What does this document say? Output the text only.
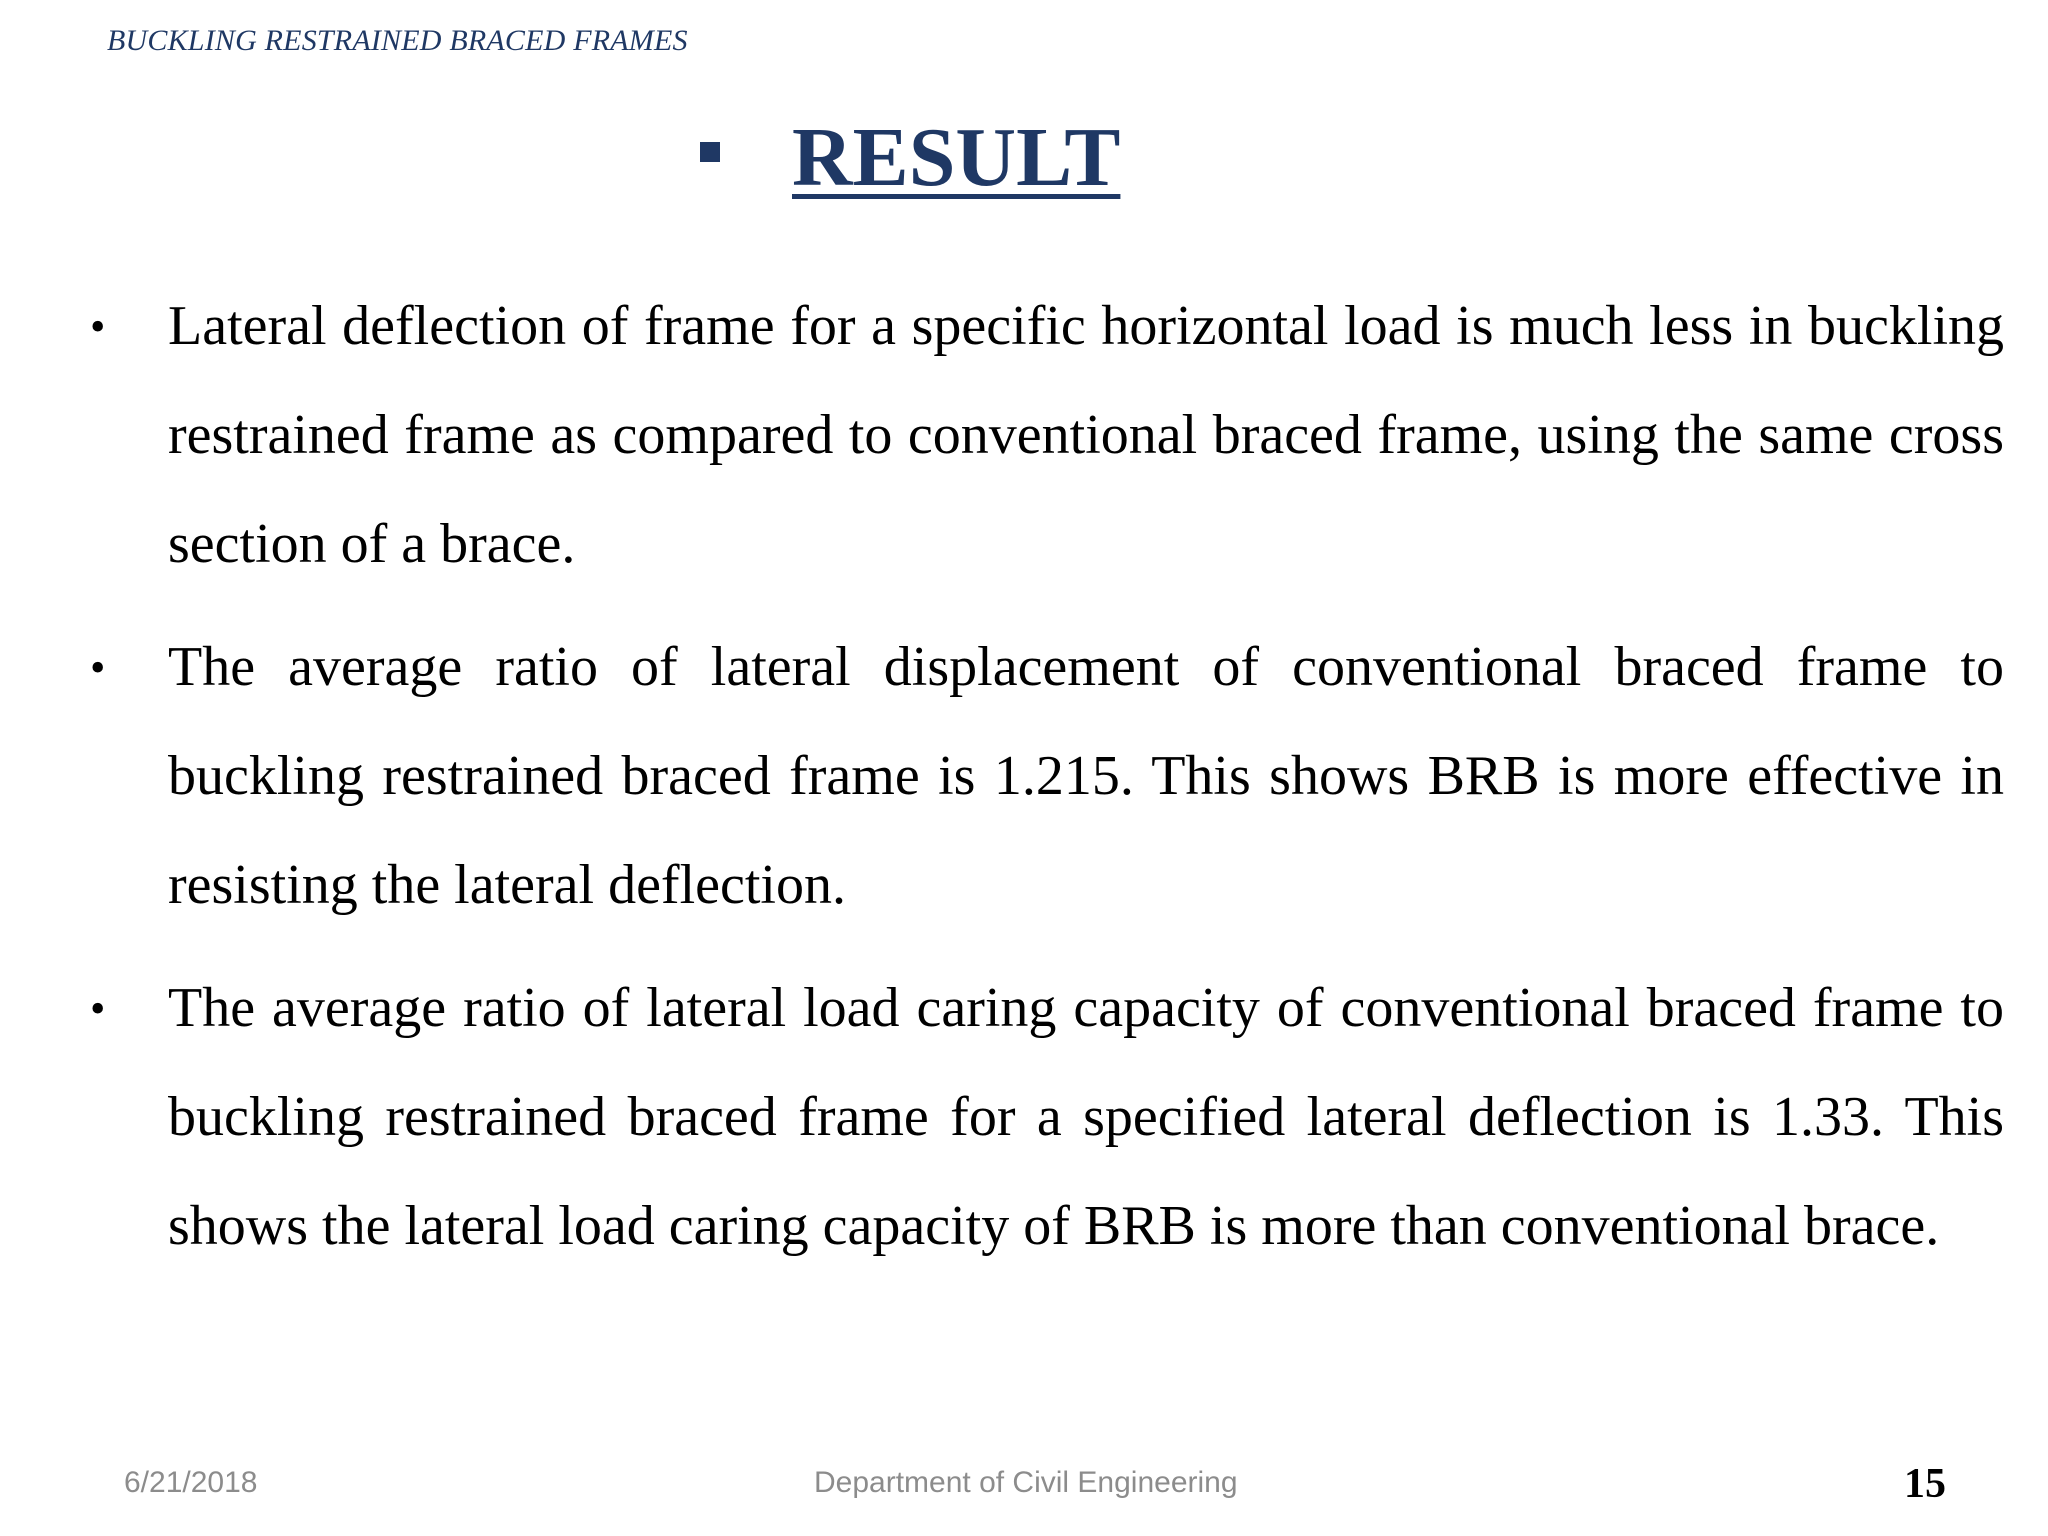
BUCKLING RESTRAINED BRACED FRAMES
RESULT
• Lateral deflection of frame for a specific horizontal load is much less in buckling restrained frame as compared to conventional braced frame, using the same cross section of a brace.
• The average ratio of lateral displacement of conventional braced frame to buckling restrained braced frame is 1.215. This shows BRB is more effective in resisting the lateral deflection.
• The average ratio of lateral load caring capacity of conventional braced frame to buckling restrained braced frame for a specified lateral deflection is 1.33. This shows the lateral load caring capacity of BRB is more than conventional brace.
6/21/2018	Department of Civil Engineering	15
